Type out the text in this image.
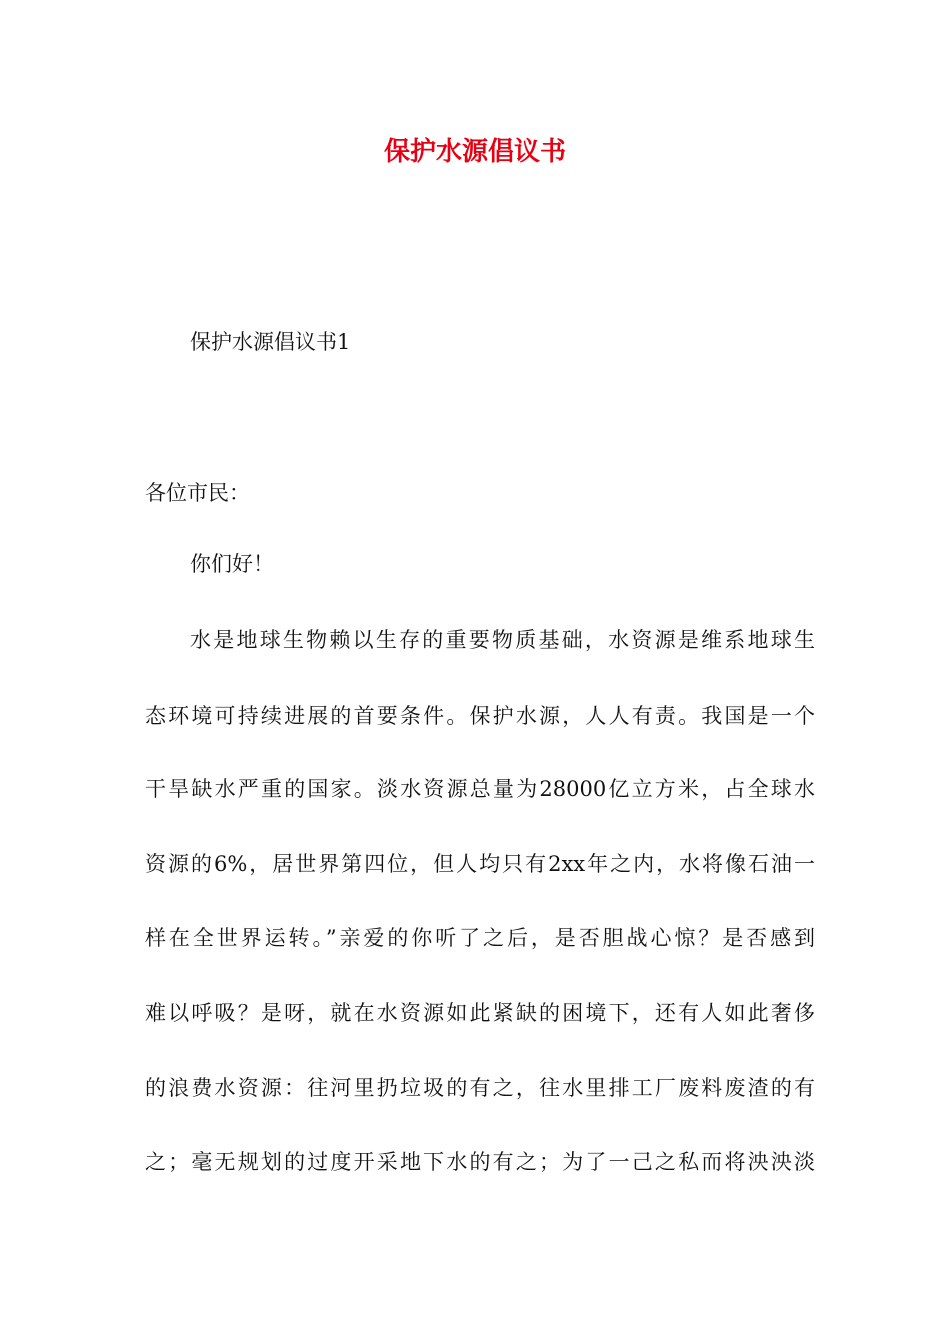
保护水源倡议书

保护水源倡议书1

各位市民：

你们好！

水是地球生物赖以生存的重要物质基础，水资源是维系地球生

态环境可持续进展的首要条件。保护水源，人人有责。我国是一个

干旱缺水严重的国家。淡水资源总量为28000亿立方米，占全球水

资源的6%，居世界第四位，但人均只有2xx年之内，水将像石油一

样在全世界运转。”亲爱的你听了之后，是否胆战心惊？是否感到

难以呼吸？是呀，就在水资源如此紧缺的困境下，还有人如此奢侈

的浪费水资源：往河里扔垃圾的有之，往水里排工厂废料废渣的有

之；毫无规划的过度开采地下水的有之；为了一己之私而将泱泱淡
